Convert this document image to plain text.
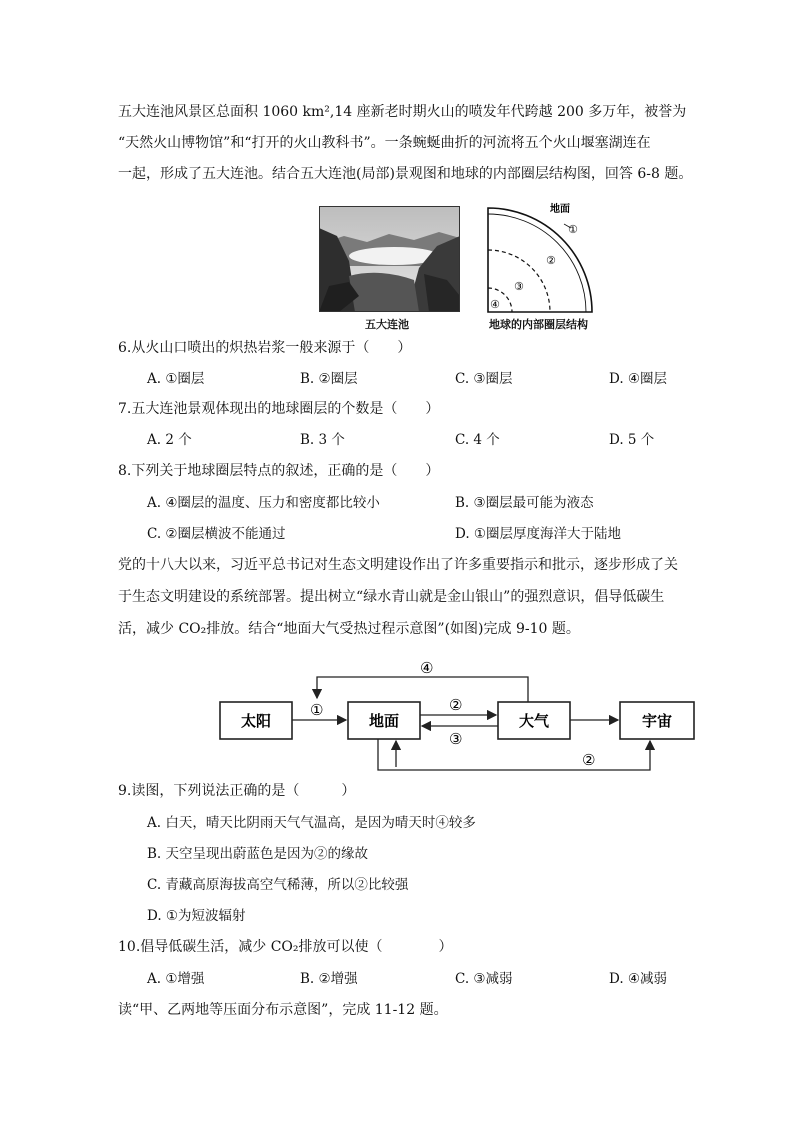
五大连池风景区总面积 1060 km²,14 座新老时期火山的喷发年代跨越 200 多万年，被誉为
“天然火山博物馆”和“打开的火山教科书”。一条蜿蜒曲折的河流将五个火山堰塞湖连在
一起，形成了五大连池。结合五大连池(局部)景观图和地球的内部圈层结构图，回答 6-8 题。
五大连池
地面
①
②
③
④
地球的内部圈层结构
6.从火山口喷出的炽热岩浆一般来源于（　　）
A. ①圈层	B. ②圈层	C. ③圈层	D. ④圈层
7.五大连池景观体现出的地球圈层的个数是（　　）
A. 2 个	B. 3 个	C. 4 个	D. 5 个
8.下列关于地球圈层特点的叙述，正确的是（　　）
A. ④圈层的温度、压力和密度都比较小	B. ③圈层最可能为液态
C. ②圈层横波不能通过	D. ①圈层厚度海洋大于陆地
党的十八大以来，习近平总书记对生态文明建设作出了许多重要指示和批示，逐步形成了关
于生态文明建设的系统部署。提出树立“绿水青山就是金山银山”的强烈意识，倡导低碳生
活，减少 CO₂排放。结合“地面大气受热过程示意图”(如图)完成 9-10 题。
太阳	地面	大气	宇宙
①
④
②
③
②
9.读图，下列说法正确的是（　　　）
A. 白天，晴天比阴雨天气气温高，是因为晴天时④较多
B. 天空呈现出蔚蓝色是因为②的缘故
C. 青藏高原海拔高空气稀薄，所以②比较强
D. ①为短波辐射
10.倡导低碳生活，减少 CO₂排放可以使（　　　　）
A. ①增强	B. ②增强	C. ③减弱	D. ④减弱
读“甲、乙两地等压面分布示意图”，完成 11-12 题。
